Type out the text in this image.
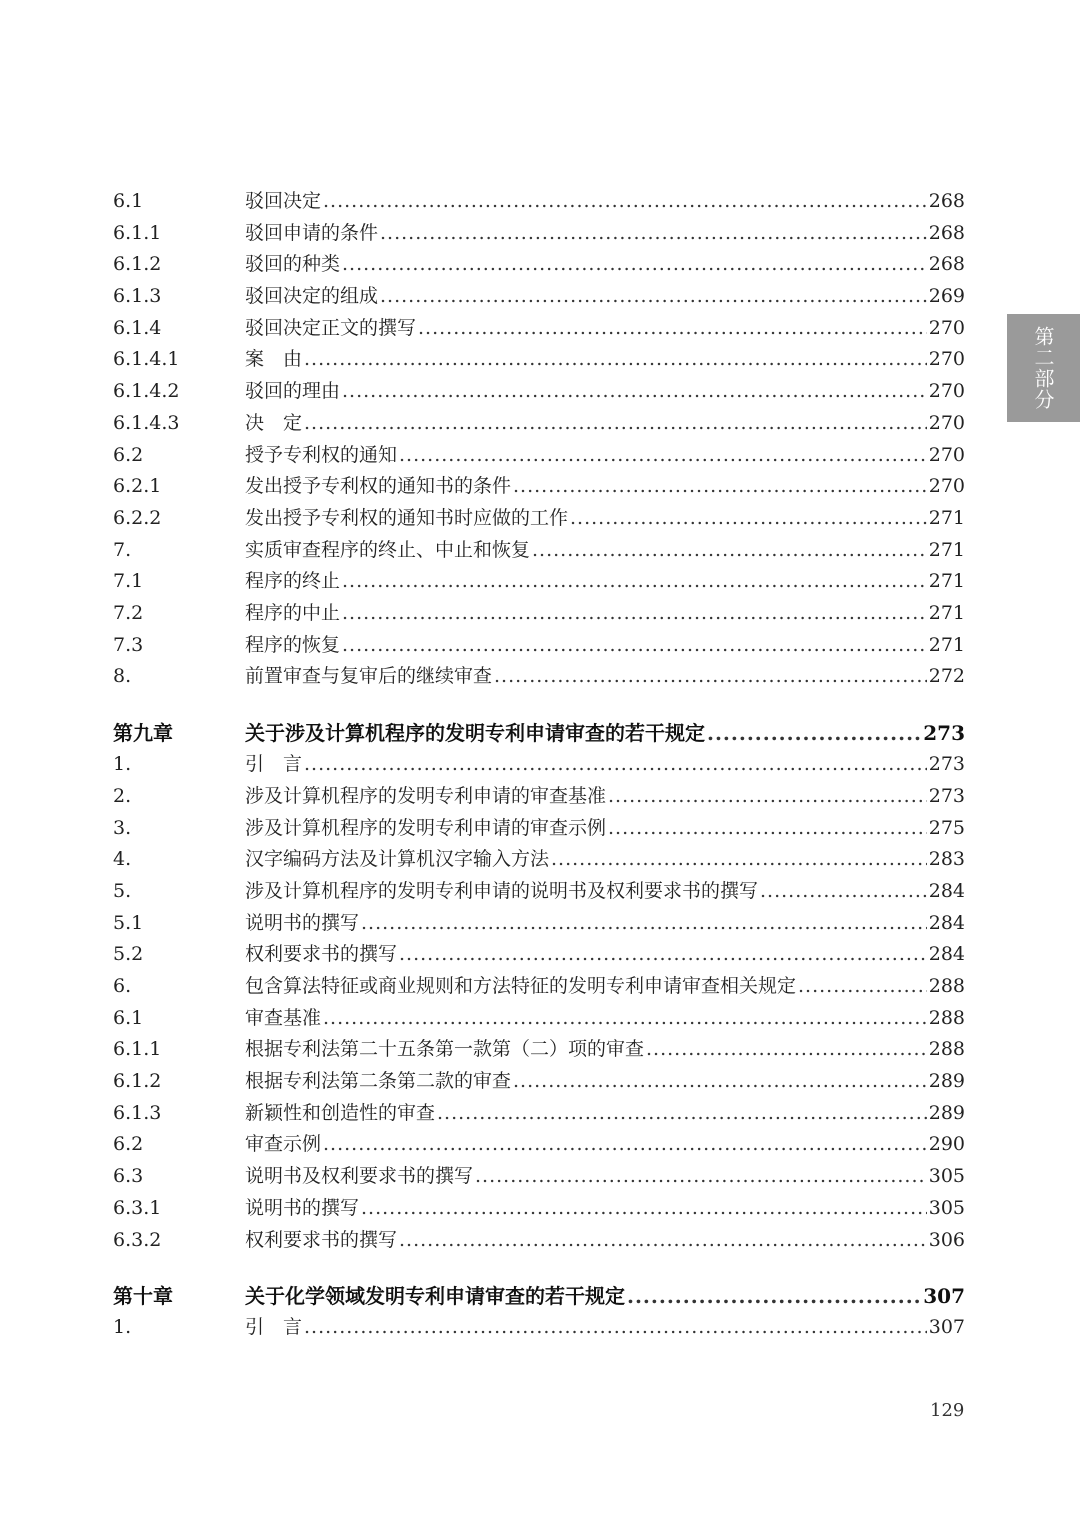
6.1	驳回决定 .....	268
6.1.1	驳回申请的条件 .....	268
6.1.2	驳回的种类 .....	268
6.1.3	驳回决定的组成 .....	269
6.1.4	驳回决定正文的撰写 .....	270
6.1.4.1	案　由 .....	270
6.1.4.2	驳回的理由 .....	270
6.1.4.3	决　定 .....	270
6.2	授予专利权的通知 .....	270
6.2.1	发出授予专利权的通知书的条件 .....	270
6.2.2	发出授予专利权的通知书时应做的工作 .....	271
7.	实质审查程序的终止、中止和恢复 .....	271
7.1	程序的终止 .....	271
7.2	程序的中止 .....	271
7.3	程序的恢复 .....	271
8.	前置审查与复审后的继续审查 .....	272
第九章	关于涉及计算机程序的发明专利申请审查的若干规定 .....	273
1.	引　言 .....	273
2.	涉及计算机程序的发明专利申请的审查基准 .....	273
3.	涉及计算机程序的发明专利申请的审查示例 .....	275
4.	汉字编码方法及计算机汉字输入方法 .....	283
5.	涉及计算机程序的发明专利申请的说明书及权利要求书的撰写 .....	284
5.1	说明书的撰写 .....	284
5.2	权利要求书的撰写 .....	284
6.	包含算法特征或商业规则和方法特征的发明专利申请审查相关规定 .....	288
6.1	审查基准 .....	288
6.1.1	根据专利法第二十五条第一款第（二）项的审查 .....	288
6.1.2	根据专利法第二条第二款的审查 .....	289
6.1.3	新颖性和创造性的审查 .....	289
6.2	审查示例 .....	290
6.3	说明书及权利要求书的撰写 .....	305
6.3.1	说明书的撰写 .....	305
6.3.2	权利要求书的撰写 .....	306
第十章	关于化学领域发明专利申请审查的若干规定 .....	307
1.	引　言 .....	307
第二部分
129
